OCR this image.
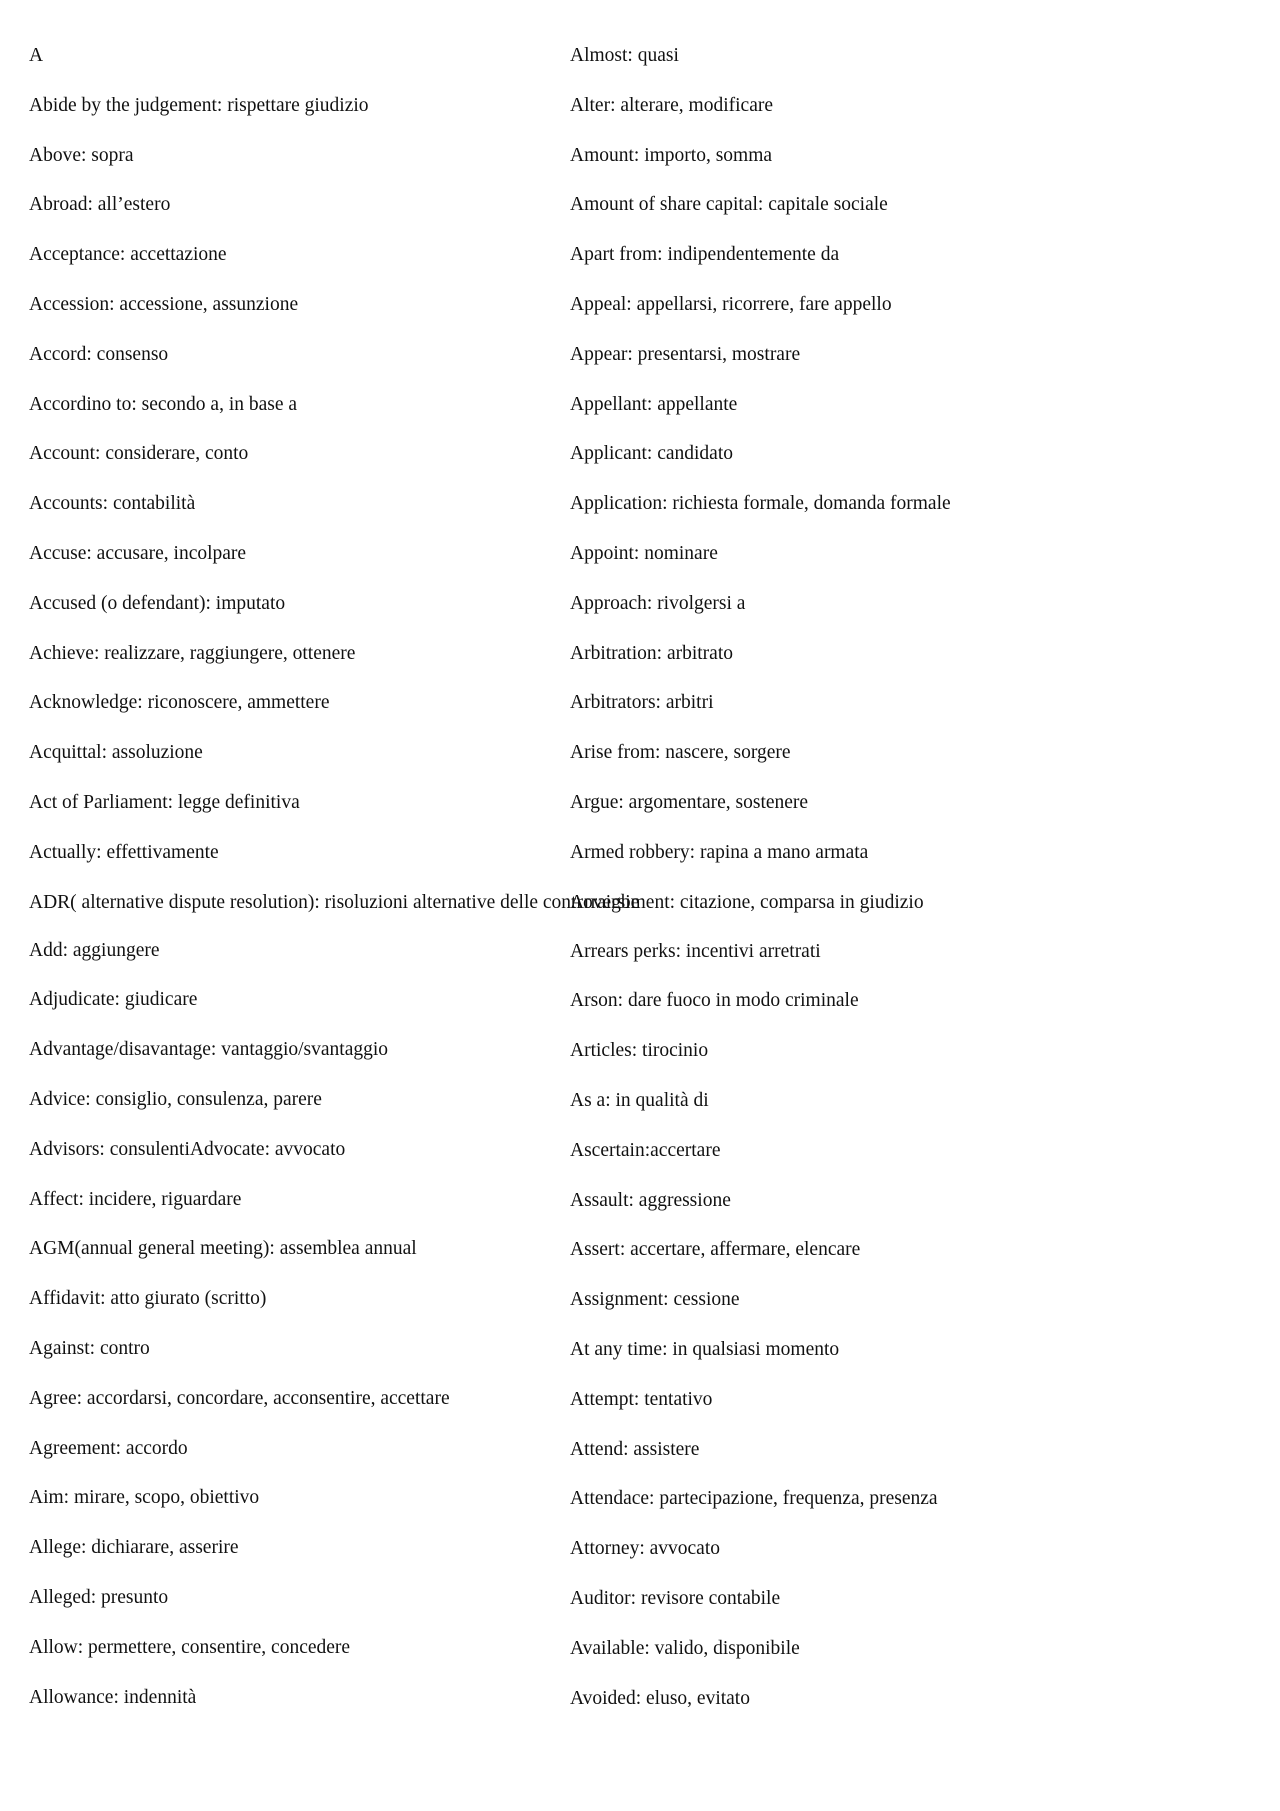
A
Abide by the judgement: rispettare giudizio
Above: sopra
Abroad: all’estero
Acceptance: accettazione
Accession: accessione, assunzione
Accord: consenso
Accordino to: secondo a, in base a
Account: considerare, conto
Accounts: contabilità
Accuse: accusare, incolpare
Accused (o defendant): imputato
Achieve: realizzare, raggiungere, ottenere
Acknowledge: riconoscere, ammettere
Acquittal: assoluzione
Act of Parliament: legge definitiva
Actually: effettivamente
ADR( alternative dispute resolution): risoluzioni alternative delle controversie
Add: aggiungere
Adjudicate: giudicare
Advantage/disavantage: vantaggio/svantaggio
Advice: consiglio, consulenza, parere
Advisors: consulentiAdvocate: avvocato
Affect: incidere, riguardare
AGM(annual general meeting): assemblea annual
Affidavit: atto giurato (scritto)
Against: contro
Agree: accordarsi, concordare, acconsentire, accettare
Agreement: accordo
Aim: mirare, scopo, obiettivo
Allege: dichiarare, asserire
Alleged: presunto
Allow: permettere, consentire, concedere
Allowance: indennità
Almost: quasi
Alter: alterare, modificare
Amount: importo, somma
Amount of share capital: capitale sociale
Apart from: indipendentemente da
Appeal: appellarsi, ricorrere, fare appello
Appear: presentarsi, mostrare
Appellant: appellante
Applicant: candidato
Application: richiesta formale, domanda formale
Appoint: nominare
Approach: rivolgersi a
Arbitration: arbitrato
Arbitrators: arbitri
Arise from: nascere, sorgere
Argue: argomentare, sostenere
Armed robbery: rapina a mano armata
Arraigbment: citazione, comparsa in giudizio
Arrears perks: incentivi arretrati
Arson: dare fuoco in modo criminale
Articles: tirocinio
As a: in qualità di
Ascertain:accertare
Assault: aggressione
Assert: accertare, affermare, elencare
Assignment: cessione
At any time: in qualsiasi momento
Attempt: tentativo
Attend: assistere
Attendace: partecipazione, frequenza, presenza
Attorney: avvocato
Auditor: revisore contabile
Available: valido, disponibile
Avoided: eluso, evitato
